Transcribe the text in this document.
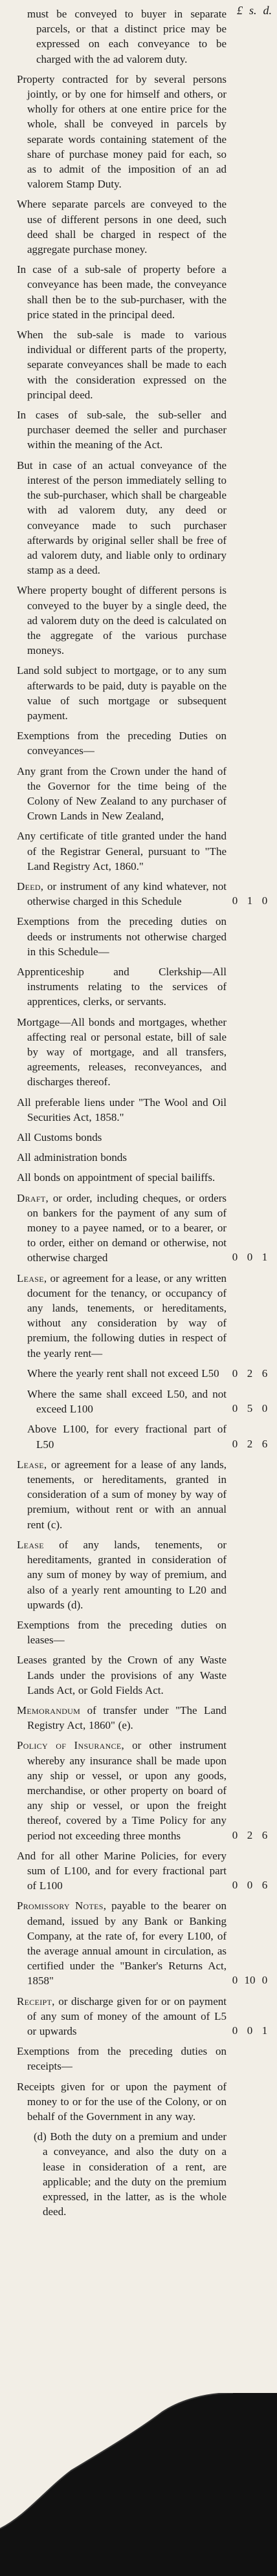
£ s. d.
must be conveyed to buyer in separate parcels, or that a distinct price may be expressed on each conveyance to be charged with the ad valorem duty.
Property contracted for by several persons jointly, or by one for himself and others, or wholly for others at one entire price for the whole, shall be conveyed in parcels by separate words containing statement of the share of purchase money paid for each, so as to admit of the imposition of an ad valorem Stamp Duty.
Where separate parcels are conveyed to the use of different persons in one deed, such deed shall be charged in respect of the aggregate purchase money.
In case of a sub-sale of property before a conveyance has been made, the conveyance shall then be to the sub-purchaser, with the price stated in the principal deed.
When the sub-sale is made to various individual or different parts of the property, separate conveyances shall be made to each with the consideration expressed on the principal deed.
In cases of sub-sale, the sub-seller and purchaser deemed the seller and purchaser within the meaning of the Act.
But in case of an actual conveyance of the interest of the person immediately selling to the sub-purchaser, which shall be chargeable with ad valorem duty, any deed or conveyance made to such purchaser afterwards by original seller shall be free of ad valorem duty, and liable only to ordinary stamp as a deed.
Where property bought of different persons is conveyed to the buyer by a single deed, the ad valorem duty on the deed is calculated on the aggregate of the various purchase moneys.
Land sold subject to mortgage, or to any sum afterwards to be paid, duty is payable on the value of such mortgage or subsequent payment.
Exemptions from the preceding Duties on conveyances—
Any grant from the Crown under the hand of the Governor for the time being of the Colony of New Zealand to any purchaser of Crown Lands in New Zealand,
Any certificate of title granted under the hand of the Registrar General, pursuant to "The Land Registry Act, 1860."
Deed, or instrument of any kind whatever, not otherwise charged in this Schedule	0 1 0
Exemptions from the preceding duties on deeds or instruments not otherwise charged in this Schedule—
Apprenticeship and Clerkship—All instruments relating to the services of apprentices, clerks, or servants.
Mortgage—All bonds and mortgages, whether affecting real or personal estate, bill of sale by way of mortgage, and all transfers, agreements, releases, reconveyances, and discharges thereof.
All preferable liens under "The Wool and Oil Securities Act, 1858."
All Customs bonds
All administration bonds
All bonds on appointment of special bailiffs.
Draft, or order, including cheques, or orders on bankers for the payment of any sum of money to a payee named, or to a bearer, or to order, either on demand or otherwise, not otherwise charged	0 0 1
Lease, or agreement for a lease, or any written document for the tenancy, or occupancy of any lands, tenements, or hereditaments, without any consideration by way of premium, the following duties in respect of the yearly rent—
Where the yearly rent shall not exceed L50	0 2 6
Where the same shall exceed L50, and not exceed L100	0 5 0
Above L100, for every fractional part of L50	0 2 6
Lease, or agreement for a lease of any lands, tenements, or hereditaments, granted in consideration of a sum of money by way of premium, without rent or with an annual rent (c).
Lease of any lands, tenements, or hereditaments, granted in consideration of any sum of money by way of premium, and also of a yearly rent amounting to L20 and upwards (d).
Exemptions from the preceding duties on leases—
Leases granted by the Crown of any Waste Lands under the provisions of any Waste Lands Act, or Gold Fields Act.
Memorandum of transfer under "The Land Registry Act, 1860" (e).
Policy of Insurance, or other instrument whereby any insurance shall be made upon any ship or vessel, or upon any goods, merchandise, or other property on board of any ship or vessel, or upon the freight thereof, covered by a Time Policy for any period not exceeding three months	0 2 6
And for all other Marine Policies, for every sum of L100, and for every fractional part of L100	0 0 6
Promissory Notes, payable to the bearer on demand, issued by any Bank or Banking Company, at the rate of, for every L100, of the average annual amount in circulation, as certified under the "Banker's Returns Act, 1858"	0 10 0
Receipt, or discharge given for or on payment of any sum of money of the amount of L5 or upwards	0 0 1
Exemptions from the preceding duties on receipts—
Receipts given for or upon the payment of money to or for the use of the Colony, or on behalf of the Government in any way.
(d) Both the duty on a premium and under a conveyance, and also the duty on a lease in consideration of a rent, are applicable; and the duty on the premium expressed, in the latter, as is the whole deed.
